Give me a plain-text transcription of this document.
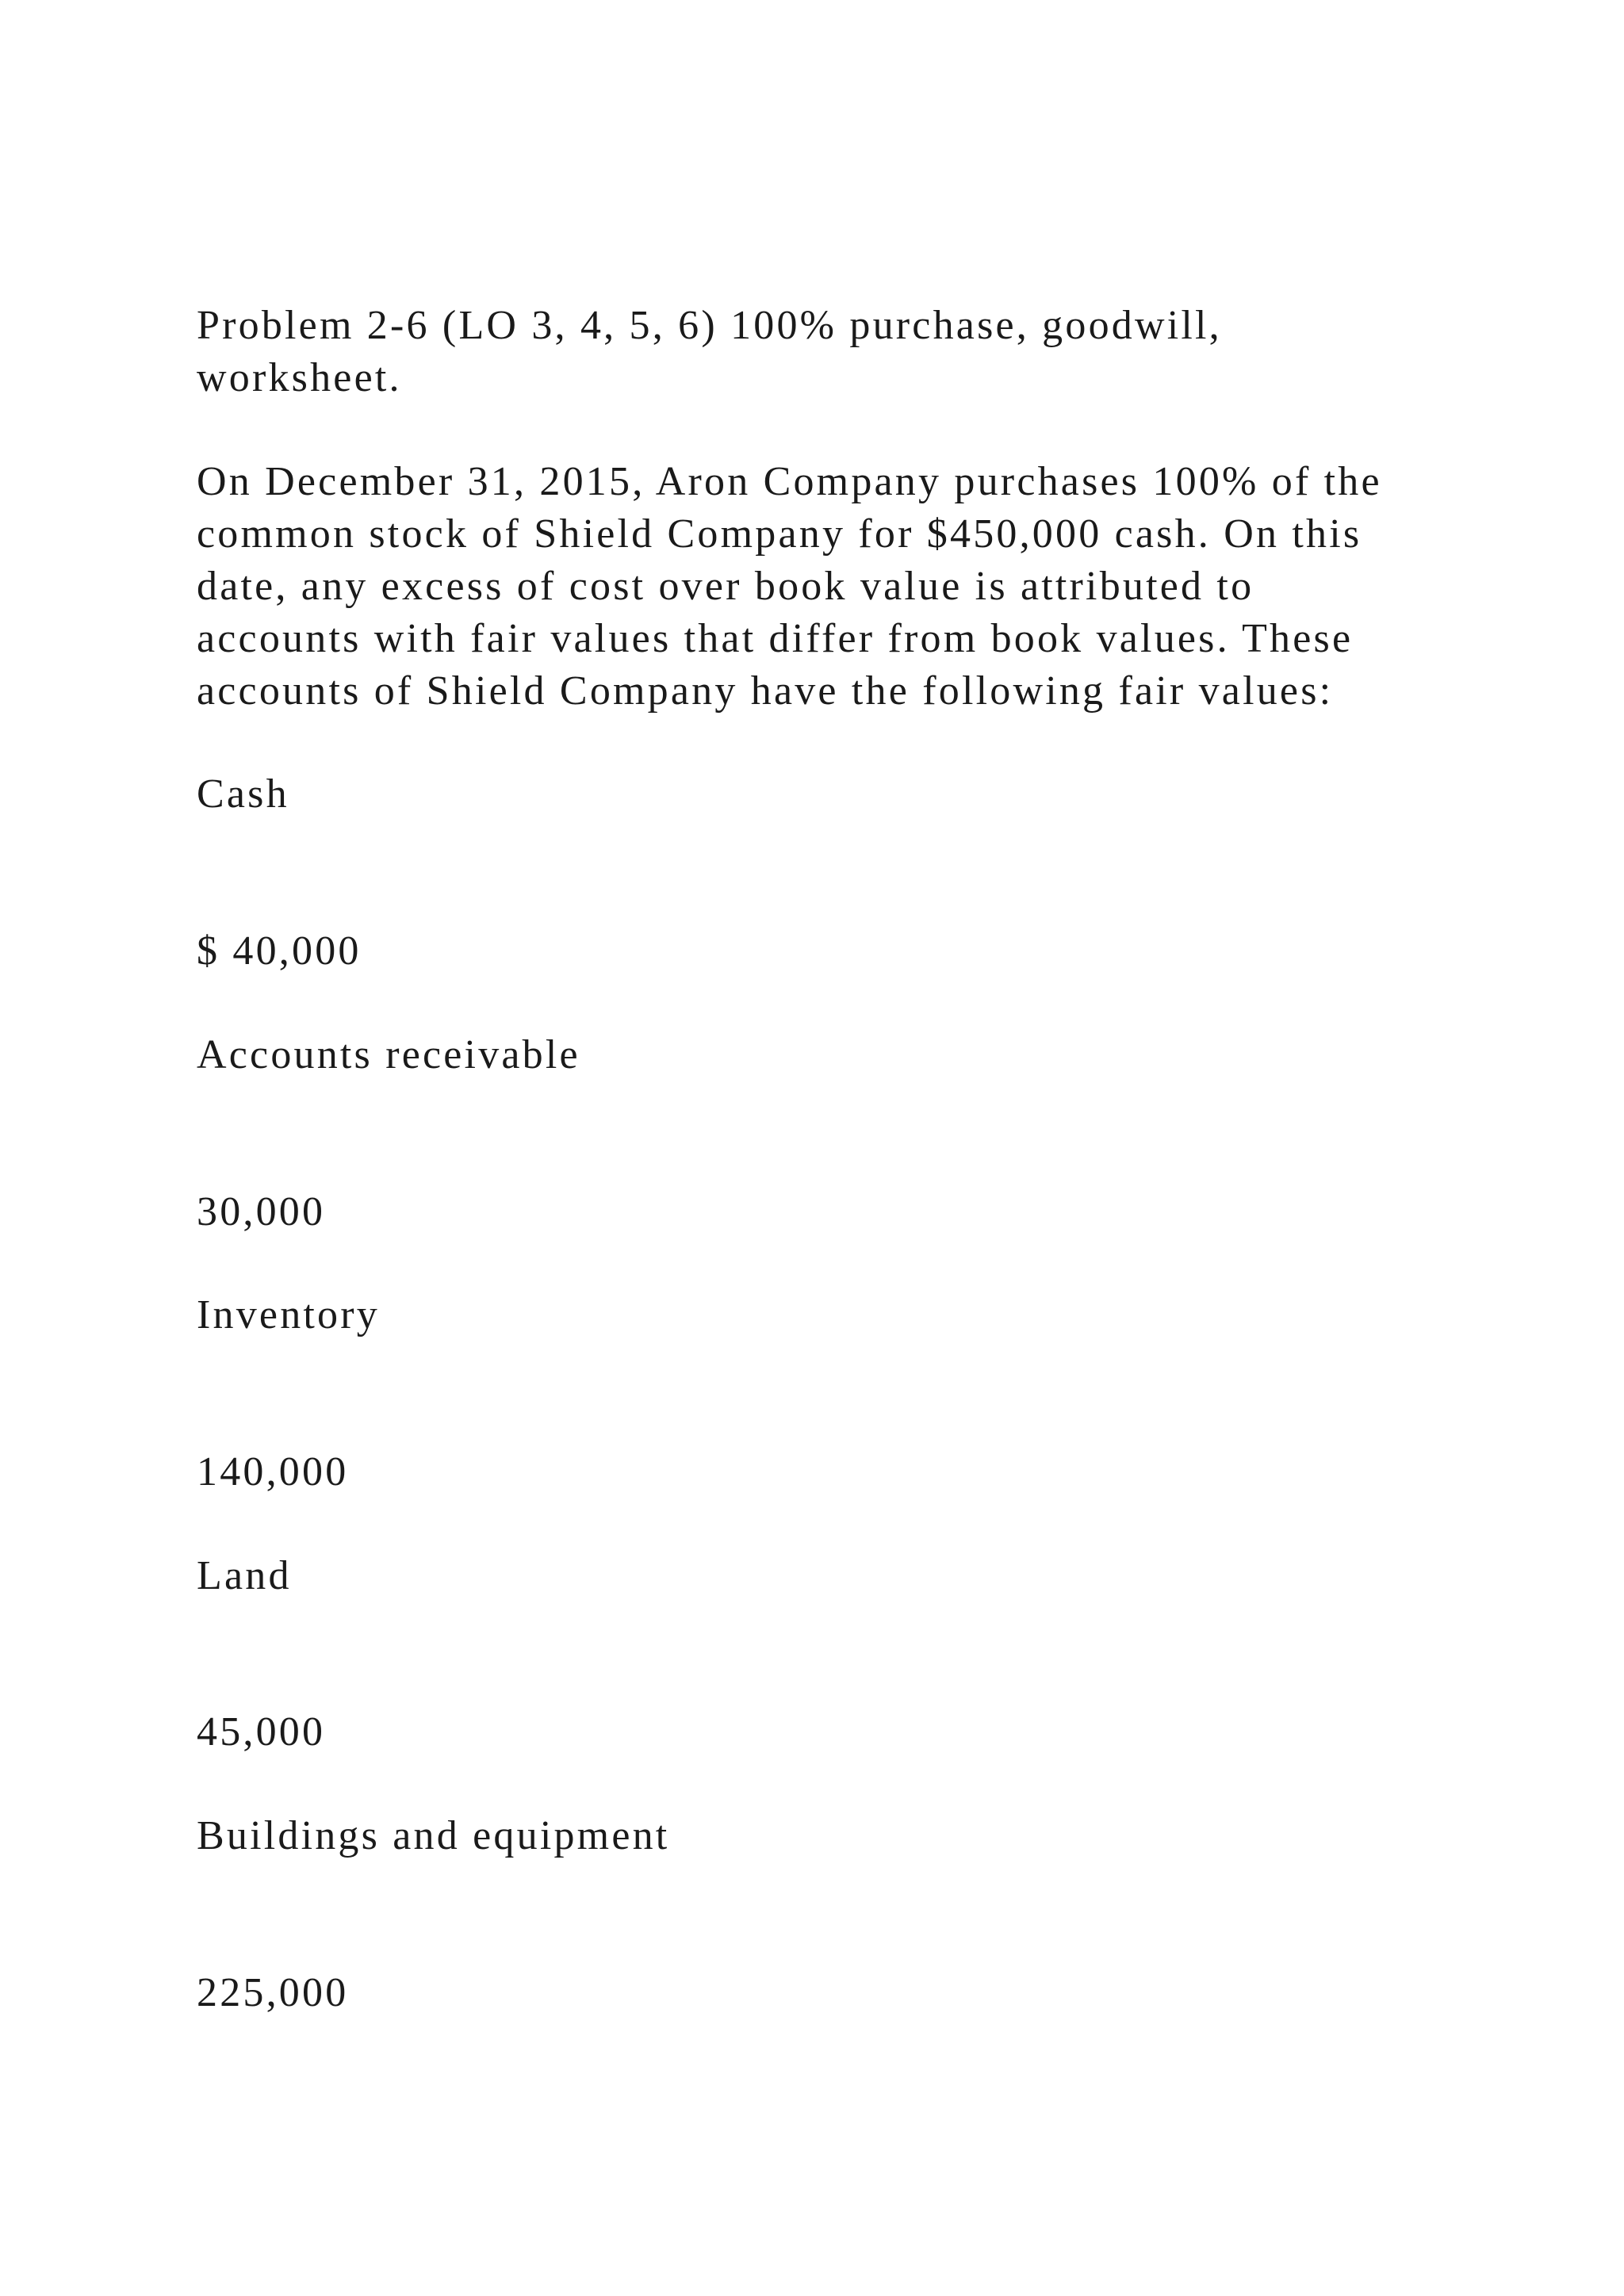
Problem 2-6 (LO 3, 4, 5, 6) 100% purchase, goodwill,
worksheet.

On December 31, 2015, Aron Company purchases 100% of the
common stock of Shield Company for $450,000 cash. On this
date, any excess of cost over book value is attributed to
accounts with fair values that differ from book values. These
accounts of Shield Company have the following fair values:

Cash

$ 40,000

Accounts receivable

30,000

Inventory

140,000

Land

45,000

Buildings and equipment

225,000
